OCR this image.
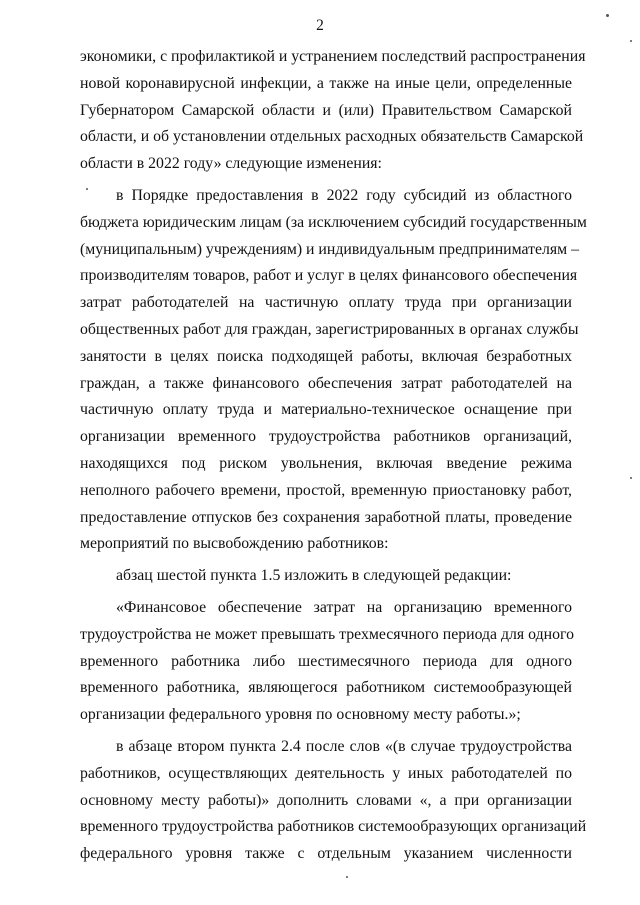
2
экономики, с профилактикой и устранением последствий распространения
новой коронавирусной инфекции, а также на иные цели, определенные
Губернатором Самарской области и (или) Правительством Самарской
области, и об установлении отдельных расходных обязательств Самарской
области в 2022 году» следующие изменения:
в Порядке предоставления в 2022 году субсидий из областного
бюджета юридическим лицам (за исключением субсидий государственным
(муниципальным) учреждениям) и индивидуальным предпринимателям –
производителям товаров, работ и услуг в целях финансового обеспечения
затрат работодателей на частичную оплату труда при организации
общественных работ для граждан, зарегистрированных в органах службы
занятости в целях поиска подходящей работы, включая безработных
граждан, а также финансового обеспечения затрат работодателей на
частичную оплату труда и материально-техническое оснащение при
организации временного трудоустройства работников организаций,
находящихся под риском увольнения, включая введение режима
неполного рабочего времени, простой, временную приостановку работ,
предоставление отпусков без сохранения заработной платы, проведение
мероприятий по высвобождению работников:
абзац шестой пункта 1.5 изложить в следующей редакции:
«Финансовое обеспечение затрат на организацию временного
трудоустройства не может превышать трехмесячного периода для одного
временного работника либо шестимесячного периода для одного
временного работника, являющегося работником системообразующей
организации федерального уровня по основному месту работы.»;
в абзаце втором пункта 2.4 после слов «(в случае трудоустройства
работников, осуществляющих деятельность у иных работодателей по
основному месту работы)» дополнить словами «, а при организации
временного трудоустройства работников системообразующих организаций
федерального уровня также с отдельным указанием численности
